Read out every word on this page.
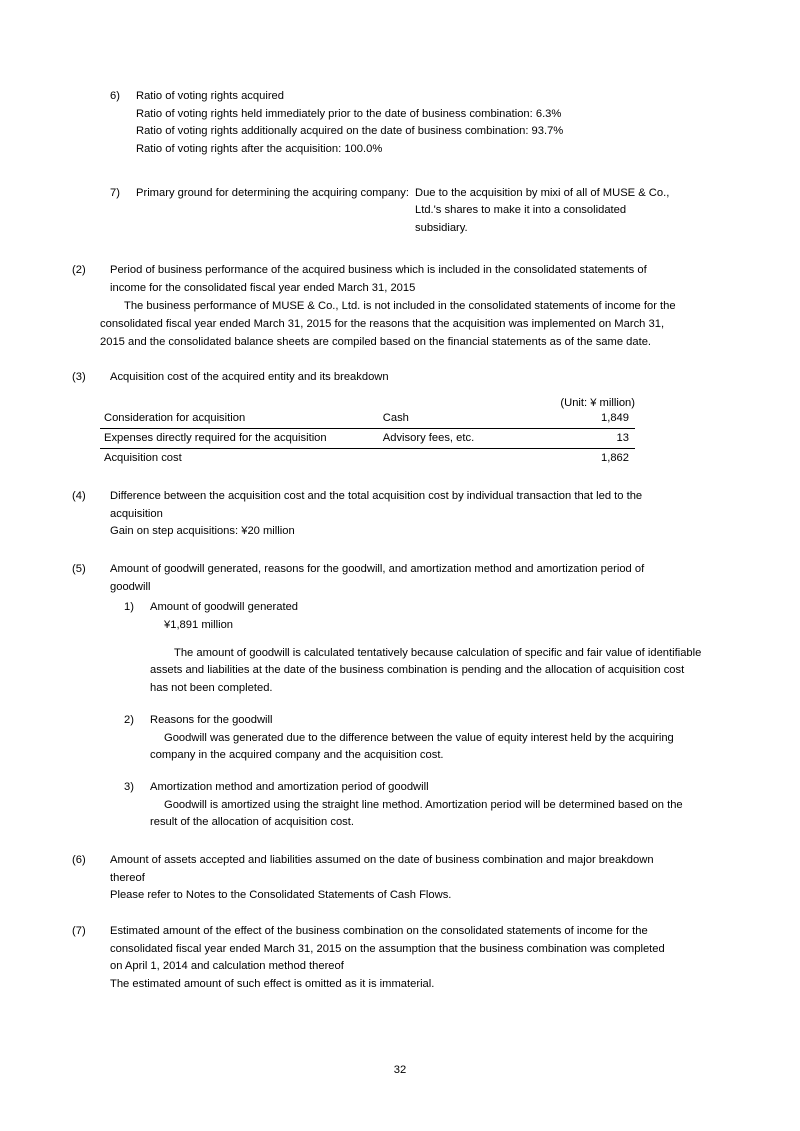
6)	Ratio of voting rights acquired
Ratio of voting rights held immediately prior to the date of business combination: 6.3%
Ratio of voting rights additionally acquired on the date of business combination: 93.7%
Ratio of voting rights after the acquisition: 100.0%
7)	Primary ground for determining the acquiring company: Due to the acquisition by mixi of all of MUSE & Co.,
Ltd.'s shares to make it into a consolidated
subsidiary.
(2)	Period of business performance of the acquired business which is included in the consolidated statements of
income for the consolidated fiscal year ended March 31, 2015
The business performance of MUSE & Co., Ltd. is not included in the consolidated statements of income for the
consolidated fiscal year ended March 31, 2015 for the reasons that the acquisition was implemented on March 31,
2015 and the consolidated balance sheets are compiled based on the financial statements as of the same date.
(3)	Acquisition cost of the acquired entity and its breakdown
(Unit: ¥ million)
Consideration for acquisition	Cash	1,849
Expenses directly required for the acquisition	Advisory fees, etc.	13
Acquisition cost		1,862
(4)	Difference between the acquisition cost and the total acquisition cost by individual transaction that led to the
acquisition
Gain on step acquisitions: ¥20 million
(5)	Amount of goodwill generated, reasons for the goodwill, and amortization method and amortization period of
goodwill
1)	Amount of goodwill generated
¥1,891 million
The amount of goodwill is calculated tentatively because calculation of specific and fair value of identifiable
assets and liabilities at the date of the business combination is pending and the allocation of acquisition cost
has not been completed.
2)	Reasons for the goodwill
Goodwill was generated due to the difference between the value of equity interest held by the acquiring
company in the acquired company and the acquisition cost.
3)	Amortization method and amortization period of goodwill
Goodwill is amortized using the straight line method. Amortization period will be determined based on the
result of the allocation of acquisition cost.
(6)	Amount of assets accepted and liabilities assumed on the date of business combination and major breakdown
thereof
Please refer to Notes to the Consolidated Statements of Cash Flows.
(7)	Estimated amount of the effect of the business combination on the consolidated statements of income for the
consolidated fiscal year ended March 31, 2015 on the assumption that the business combination was completed
on April 1, 2014 and calculation method thereof
The estimated amount of such effect is omitted as it is immaterial.
32
